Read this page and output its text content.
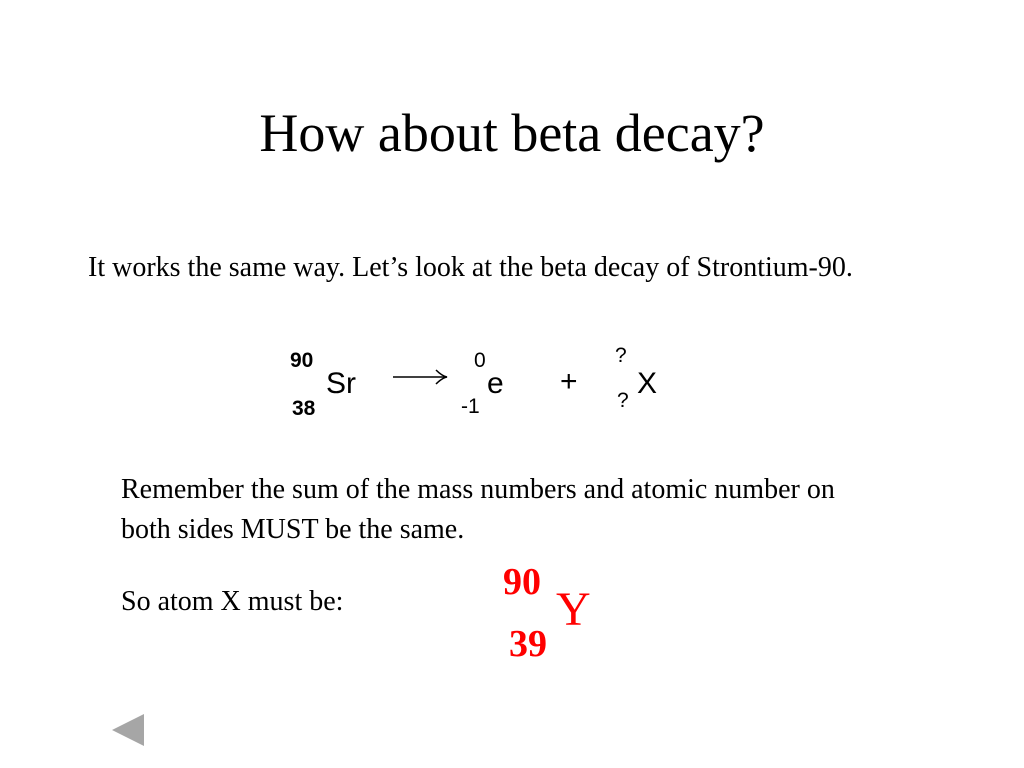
How about beta decay?
It works the same way. Let’s look at the beta decay of Strontium-90.
90
38
Sr
0
-1
e +
?
?
X
Remember the sum of the mass numbers and atomic number on both sides MUST be the same.
So atom X must be:	90
39
Y
